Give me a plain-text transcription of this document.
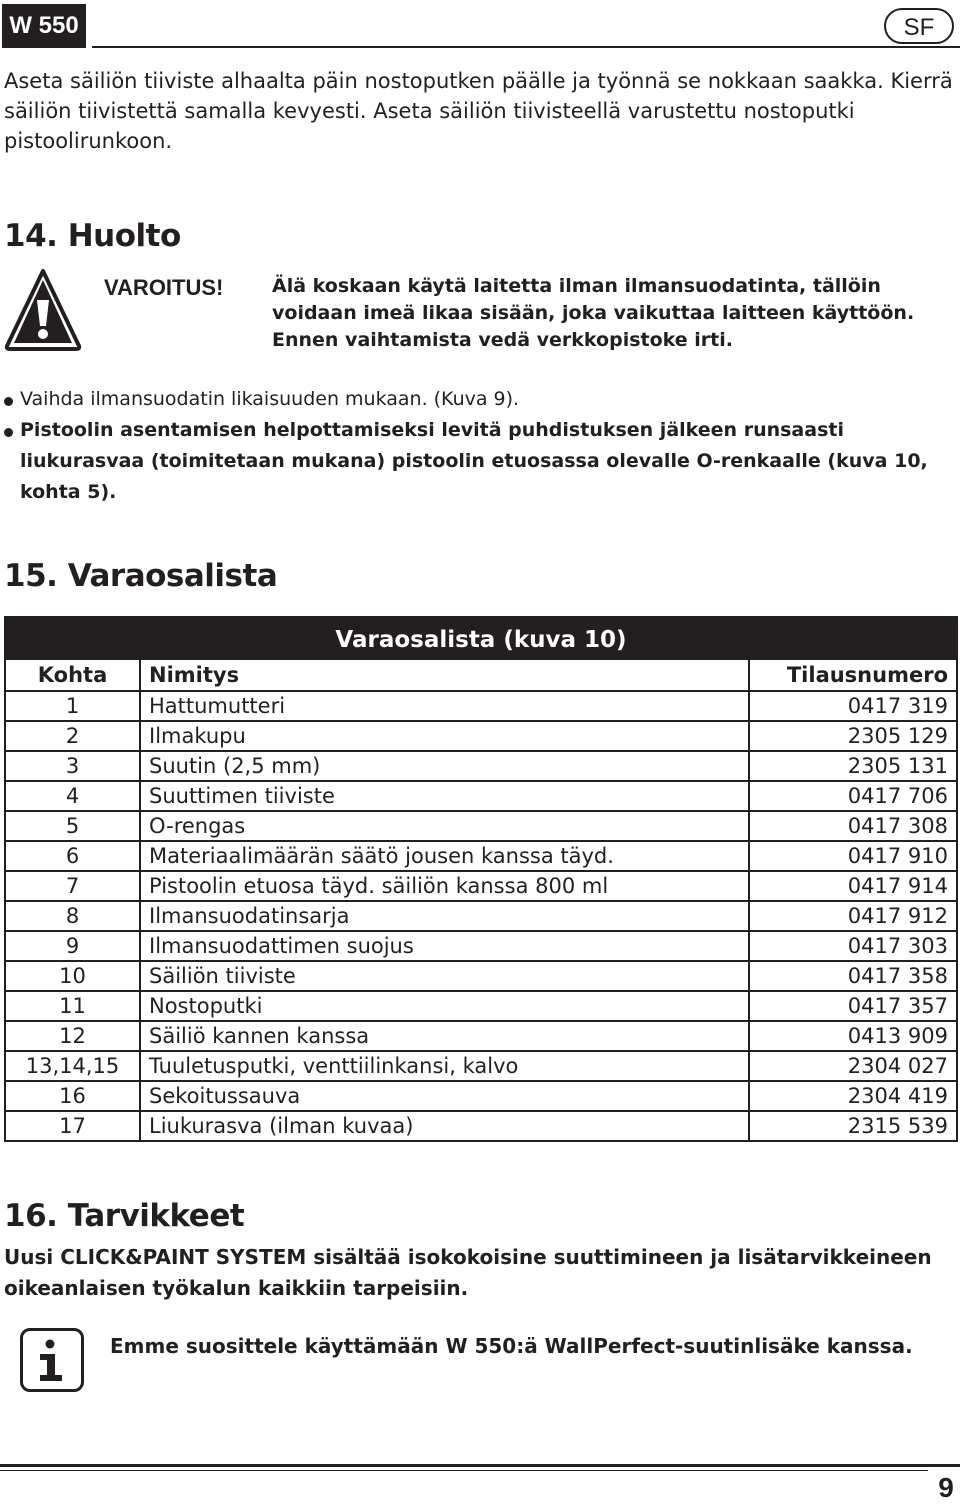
W 550	SF

Aseta säiliön tiiviste alhaalta päin nostoputken päälle ja työnnä se nokkaan saakka. Kierrä säiliön tiivistettä samalla kevyesti. Aseta säiliön tiivisteellä varustettu nostoputki pistoolirunkoon.

14. Huolto
VAROITUS!	Älä koskaan käytä laitetta ilman ilmansuodatinta, tällöin voidaan imeä likaa sisään, joka vaikuttaa laitteen käyttöön. Ennen vaihtamista vedä verkkopistoke irti.

Vaihda ilmansuodatin likaisuuden mukaan. (Kuva 9).
Pistoolin asentamisen helpottamiseksi levitä puhdistuksen jälkeen runsaasti liukurasvaa (toimitetaan mukana) pistoolin etuosassa olevalle O-renkaalle (kuva 10, kohta 5).
15. Varaosalista
Varaosalista (kuva 10)		
Kohta	Nimitys	Tilausnumero
1	Hattumutteri	0417 319
2	Ilmakupu	2305 129
3	Suutin (2,5 mm)	2305 131
4	Suuttimen tiiviste	0417 706
5	O-rengas	0417 308
6	Materiaalimäärän säätö jousen kanssa täyd.	0417 910
7	Pistoolin etuosa täyd. säiliön kanssa 800 ml	0417 914
8	Ilmansuodatinsarja	0417 912
9	Ilmansuodattimen suojus	0417 303
10	Säiliön tiiviste	0417 358
11	Nostoputki	0417 357
12	Säiliö kannen kanssa	0413 909
13,14,15	Tuuletusputki, venttiilinkansi, kalvo	2304 027
16	Sekoitussauva	2304 419
17	Liukurasva (ilman kuvaa)	2315 539
16. Tarvikkeet

Uusi CLICK&PAINT SYSTEM sisältää isokokoisine suuttimineen ja lisätarvikkeineen oikeanlaisen työkalun kaikkiin tarpeisiin.

Emme suosittele käyttämään W 550:ä WallPerfect-suutinlisäke kanssa.

9
